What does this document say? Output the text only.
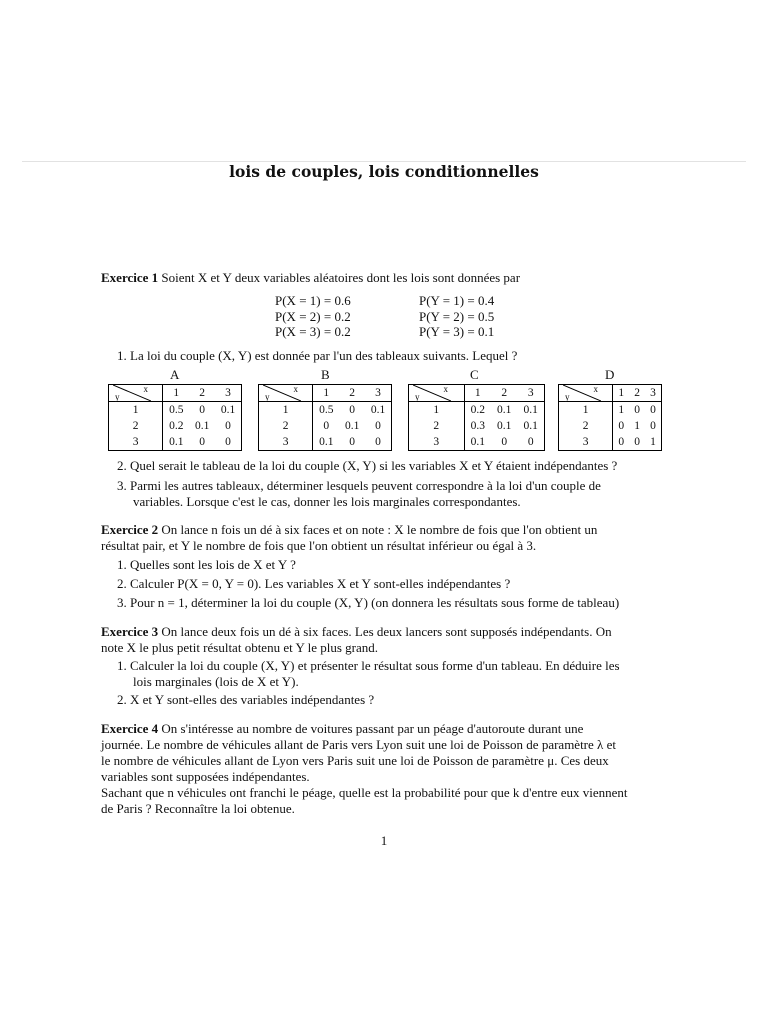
lois de couples, lois conditionnelles
Exercice 1 Soient X et Y deux variables aléatoires dont les lois sont données par
P(X = 1) = 0.6
P(X = 2) = 0.2
P(X = 3) = 0.2
P(Y = 1) = 0.4
P(Y = 2) = 0.5
P(Y = 3) = 0.1
1. La loi du couple (X, Y) est donnée par l'un des tableaux suivants. Lequel ?
A	B	C	D
x
y	1	2	3
1	0.5	0	0.1
2	0.2	0.1	0
3	0.1	0	0
x
y	1	2	3
1	0.5	0	0.1
2	0	0.1	0
3	0.1	0	0
x
y	1	2	3
1	0.2	0.1	0.1
2	0.3	0.1	0.1
3	0.1	0	0
x
y	1	2	3
1	1	0	0
2	0	1	0
3	0	0	1
2. Quel serait le tableau de la loi du couple (X, Y) si les variables X et Y étaient indépendantes ?
3. Parmi les autres tableaux, déterminer lesquels peuvent correspondre à la loi d'un couple de
variables. Lorsque c'est le cas, donner les lois marginales correspondantes.
Exercice 2 On lance n fois un dé à six faces et on note : X le nombre de fois que l'on obtient un
résultat pair, et Y le nombre de fois que l'on obtient un résultat inférieur ou égal à 3.
1. Quelles sont les lois de X et Y ?
2. Calculer P(X = 0, Y = 0). Les variables X et Y sont-elles indépendantes ?
3. Pour n = 1, déterminer la loi du couple (X, Y) (on donnera les résultats sous forme de tableau)
Exercice 3 On lance deux fois un dé à six faces. Les deux lancers sont supposés indépendants. On
note X le plus petit résultat obtenu et Y le plus grand.
1. Calculer la loi du couple (X, Y) et présenter le résultat sous forme d'un tableau. En déduire les
lois marginales (lois de X et Y).
2. X et Y sont-elles des variables indépendantes ?
Exercice 4 On s'intéresse au nombre de voitures passant par un péage d'autoroute durant une
journée. Le nombre de véhicules allant de Paris vers Lyon suit une loi de Poisson de paramètre λ et
le nombre de véhicules allant de Lyon vers Paris suit une loi de Poisson de paramètre μ. Ces deux
variables sont supposées indépendantes.
Sachant que n véhicules ont franchi le péage, quelle est la probabilité pour que k d'entre eux viennent
de Paris ? Reconnaître la loi obtenue.
1
